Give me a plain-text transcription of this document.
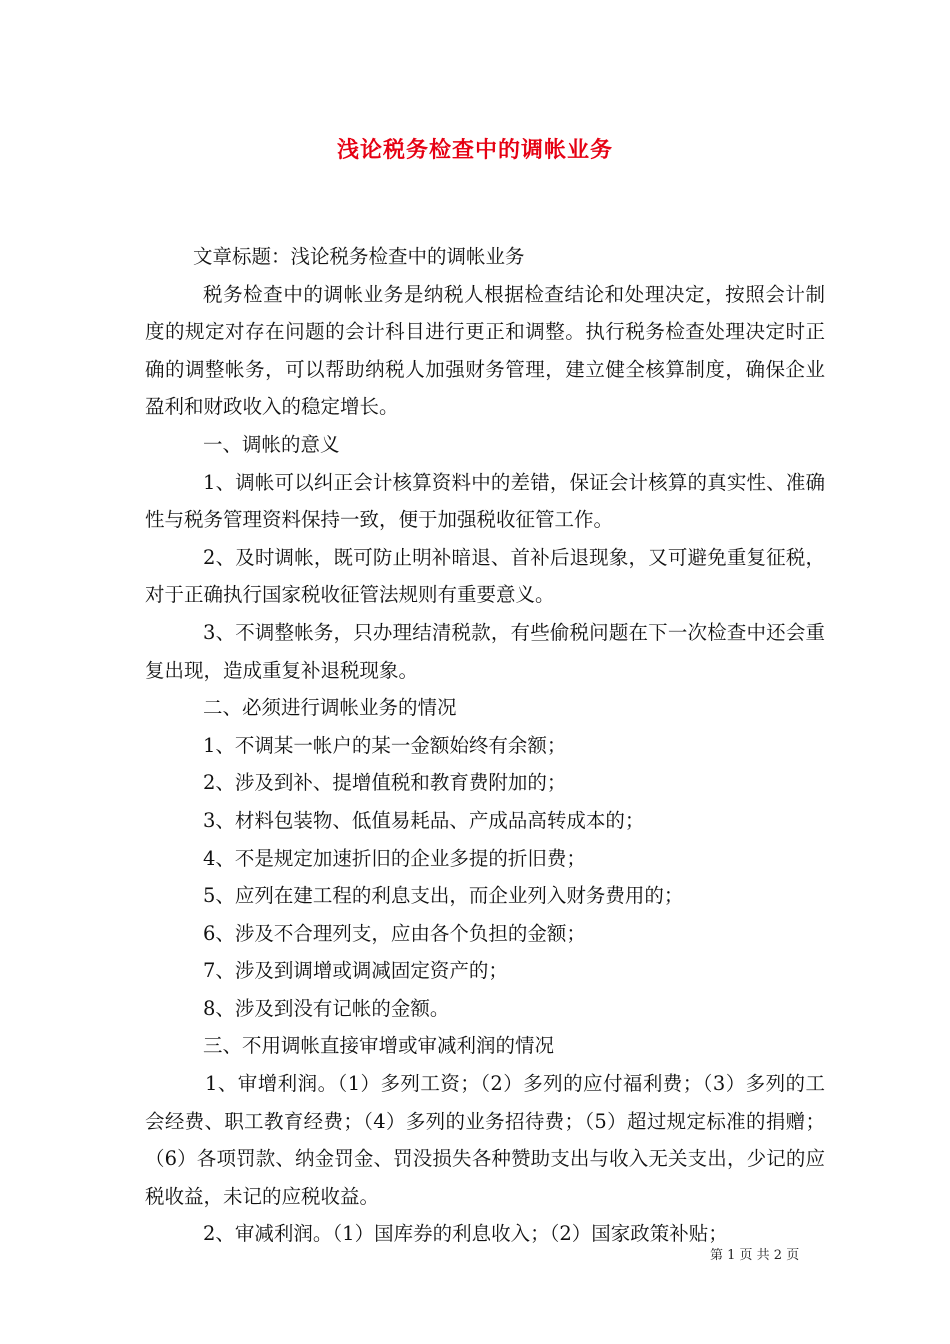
浅论税务检查中的调帐业务

文章标题：浅论税务检查中的调帐业务

税务检查中的调帐业务是纳税人根据检查结论和处理决定，按照会计制度的规定对存在问题的会计科目进行更正和调整。执行税务检查处理决定时正确的调整帐务，可以帮助纳税人加强财务管理，建立健全核算制度，确保企业盈利和财政收入的稳定增长。

一、调帐的意义

1、调帐可以纠正会计核算资料中的差错，保证会计核算的真实性、准确性与税务管理资料保持一致，便于加强税收征管工作。

2、及时调帐，既可防止明补暗退、首补后退现象，又可避免重复征税，对于正确执行国家税收征管法规则有重要意义。

3、不调整帐务，只办理结清税款，有些偷税问题在下一次检查中还会重复出现，造成重复补退税现象。

二、必须进行调帐业务的情况

1、不调某一帐户的某一金额始终有余额；

2、涉及到补、提增值税和教育费附加的；

3、材料包装物、低值易耗品、产成品高转成本的；

4、不是规定加速折旧的企业多提的折旧费；

5、应列在建工程的利息支出，而企业列入财务费用的；

6、涉及不合理列支，应由各个负担的金额；

7、涉及到调增或调减固定资产的；

8、涉及到没有记帐的金额。

三、不用调帐直接审增或审减利润的情况

1、审增利润。（1）多列工资；（2）多列的应付福利费；（3）多列的工会经费、职工教育经费；（4）多列的业务招待费；（5）超过规定标准的捐赠；（6）各项罚款、纳金罚金、罚没损失各种赞助支出与收入无关支出，少记的应税收益，未记的应税收益。

2、审减利润。（1）国库券的利息收入；（2）国家政策补贴；

第 1 页 共 2 页
